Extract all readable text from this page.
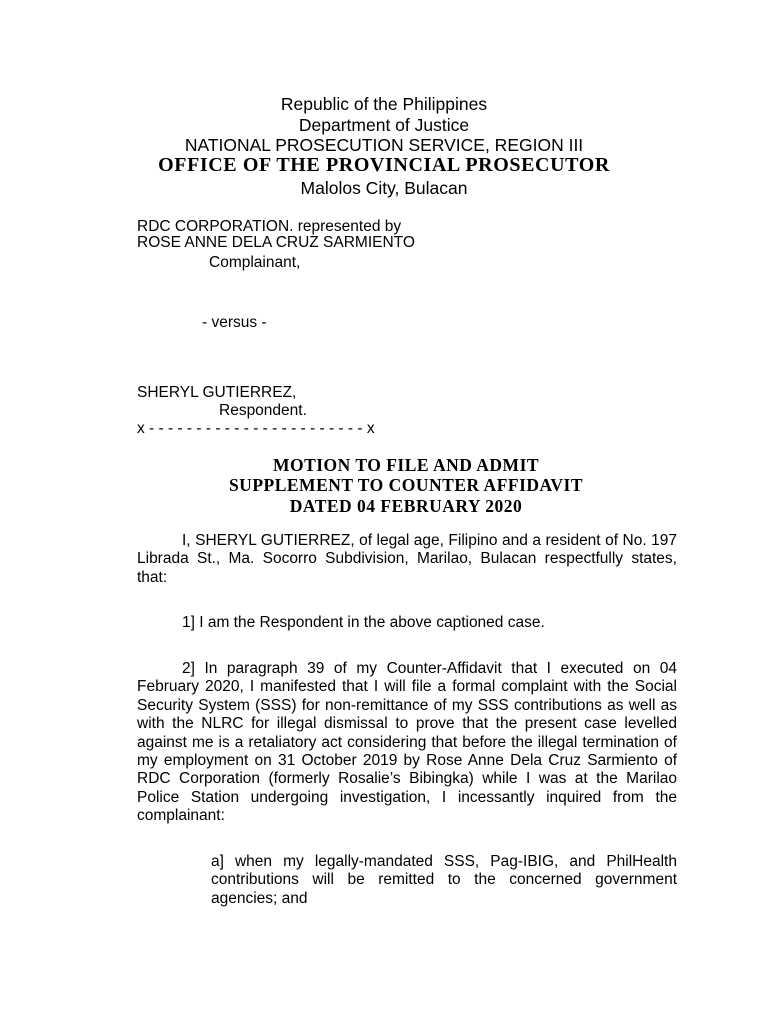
Republic of the Philippines
Department of Justice
NATIONAL PROSECUTION SERVICE, REGION III
OFFICE OF THE PROVINCIAL PROSECUTOR
Malolos City, Bulacan
RDC CORPORATION. represented by
ROSE ANNE DELA CRUZ SARMIENTO
Complainant,
- versus -
SHERYL GUTIERREZ,
Respondent.
x - - - - - - - - - - - - - - - - - - - - - - - x
MOTION TO FILE AND ADMIT
SUPPLEMENT TO COUNTER AFFIDAVIT
DATED 04 FEBRUARY 2020
I, SHERYL GUTIERREZ, of legal age, Filipino and a resident of No. 197 Librada St., Ma. Socorro Subdivision, Marilao, Bulacan respectfully states, that:
1] I am the Respondent in the above captioned case.
2] In paragraph 39 of my Counter-Affidavit that I executed on 04 February 2020, I manifested that I will file a formal complaint with the Social Security System (SSS) for non-remittance of my SSS contributions as well as with the NLRC for illegal dismissal to prove that the present case levelled against me is a retaliatory act considering that before the illegal termination of my employment on 31 October 2019 by Rose Anne Dela Cruz Sarmiento of RDC Corporation (formerly Rosalie’s Bibingka) while I was at the Marilao Police Station undergoing investigation, I incessantly inquired from the complainant:
a] when my legally-mandated SSS, Pag-IBIG, and PhilHealth contributions will be remitted to the concerned government agencies; and
